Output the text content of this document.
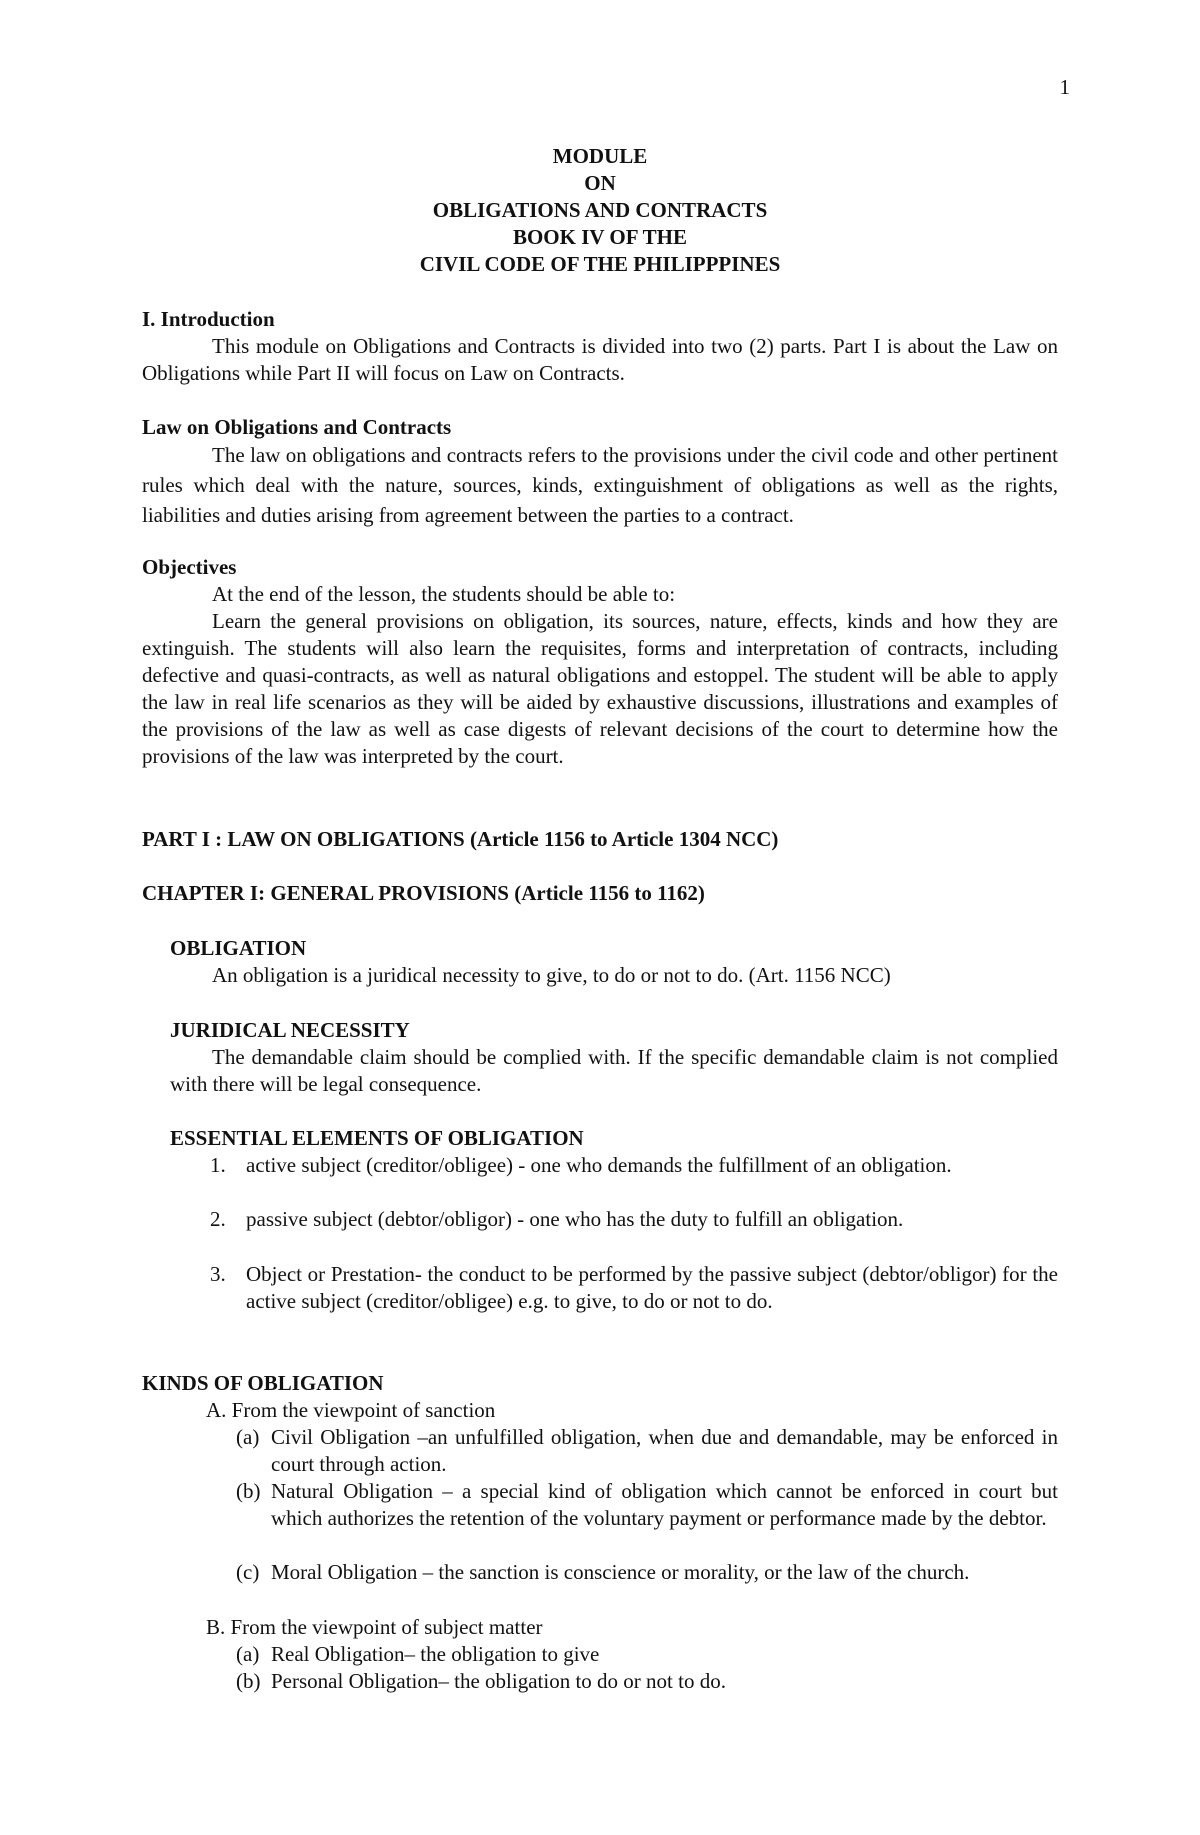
1
MODULE
ON
OBLIGATIONS AND CONTRACTS
BOOK IV OF THE
CIVIL CODE OF THE PHILIPPPINES
I. Introduction
This module on Obligations and Contracts is divided into two (2) parts. Part I is about the Law on Obligations while Part II will focus on Law on Contracts.
Law on Obligations and Contracts
The law on obligations and contracts refers to the provisions under the civil code and other pertinent rules which deal with the nature, sources, kinds, extinguishment of obligations as well as the rights, liabilities and duties arising from agreement between the parties to a contract.
Objectives
At the end of the lesson, the students should be able to:
Learn the general provisions on obligation, its sources, nature, effects, kinds and how they are extinguish. The students will also learn the requisites, forms and interpretation of contracts, including defective and quasi-contracts, as well as natural obligations and estoppel. The student will be able to apply the law in real life scenarios as they will be aided by exhaustive discussions, illustrations and examples of the provisions of the law as well as case digests of relevant decisions of the court to determine how the provisions of the law was interpreted by the court.
PART I : LAW ON OBLIGATIONS (Article 1156 to Article 1304 NCC)
CHAPTER I: GENERAL PROVISIONS (Article 1156 to 1162)
OBLIGATION
An obligation is a juridical necessity to give, to do or not to do. (Art. 1156 NCC)
JURIDICAL NECESSITY
The demandable claim should be complied with. If the specific demandable claim is not complied with there will be legal consequence.
ESSENTIAL ELEMENTS OF OBLIGATION
1. active subject (creditor/obligee) - one who demands the fulfillment of an obligation.
2. passive subject (debtor/obligor) - one who has the duty to fulfill an obligation.
3. Object or Prestation- the conduct to be performed by the passive subject (debtor/obligor) for the active subject (creditor/obligee) e.g. to give, to do or not to do.
KINDS OF OBLIGATION
A. From the viewpoint of sanction
(a) Civil Obligation –an unfulfilled obligation, when due and demandable, may be enforced in court through action.
(b) Natural Obligation – a special kind of obligation which cannot be enforced in court but which authorizes the retention of the voluntary payment or performance made by the debtor.
(c) Moral Obligation – the sanction is conscience or morality, or the law of the church.
B. From the viewpoint of subject matter
(a) Real Obligation– the obligation to give
(b) Personal Obligation– the obligation to do or not to do.
